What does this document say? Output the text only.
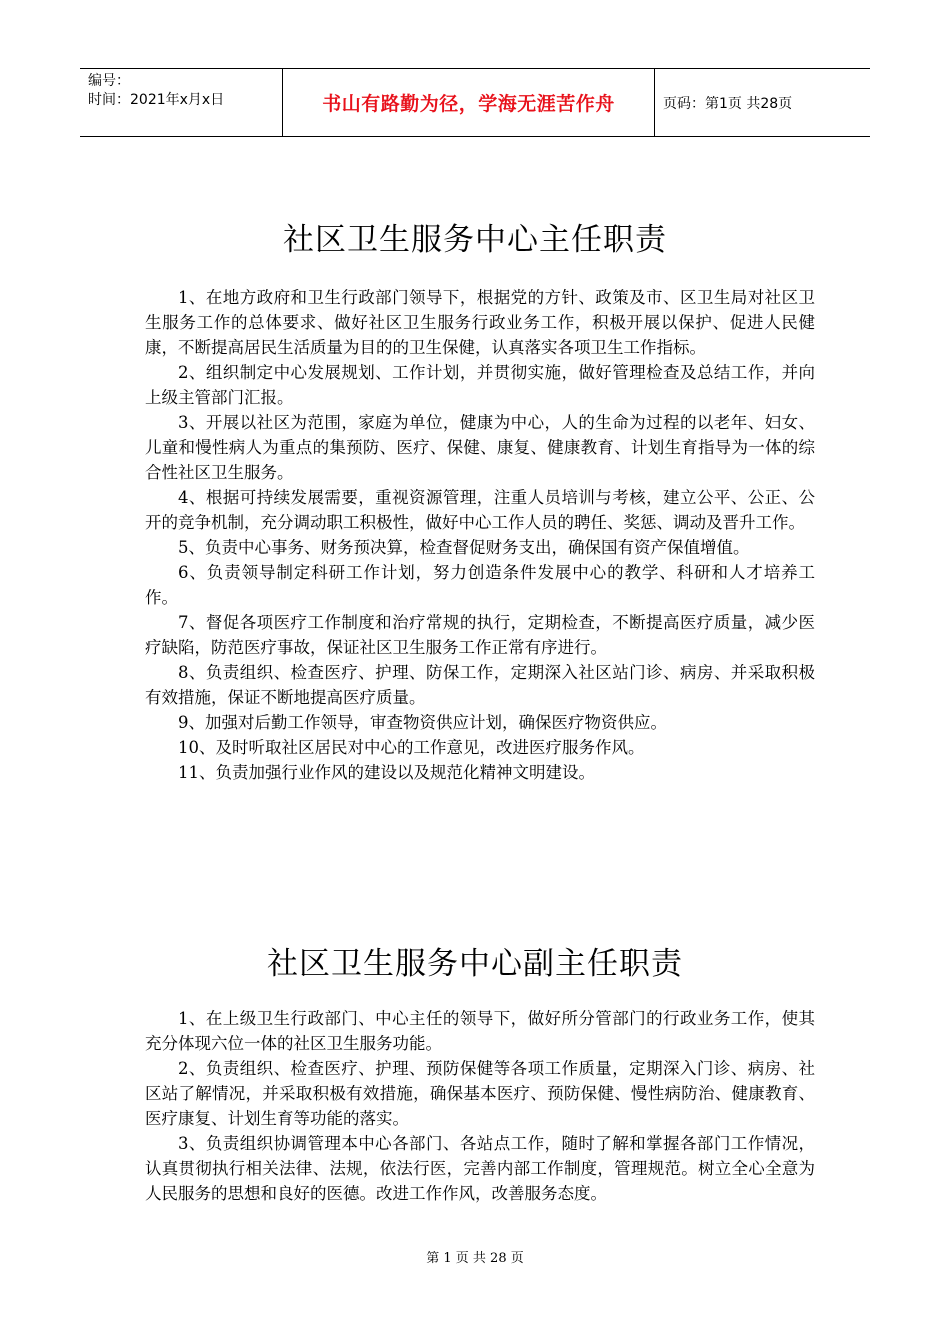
编号：
时间：2021年x月x日	书山有路勤为径，学海无涯苦作舟	页码：第1页 共28页
社区卫生服务中心主任职责

1、在地方政府和卫生行政部门领导下，根据党的方针、政策及市、区卫生局对社区卫生服务工作的总体要求、做好社区卫生服务行政业务工作，积极开展以保护、促进人民健康，不断提高居民生活质量为目的的卫生保健，认真落实各项卫生工作指标。

2、组织制定中心发展规划、工作计划，并贯彻实施，做好管理检查及总结工作，并向上级主管部门汇报。

3、开展以社区为范围，家庭为单位，健康为中心，人的生命为过程的以老年、妇女、儿童和慢性病人为重点的集预防、医疗、保健、康复、健康教育、计划生育指导为一体的综合性社区卫生服务。

4、根据可持续发展需要，重视资源管理，注重人员培训与考核，建立公平、公正、公开的竞争机制，充分调动职工积极性，做好中心工作人员的聘任、奖惩、调动及晋升工作。

5、负责中心事务、财务预决算，检查督促财务支出，确保国有资产保值增值。

6、负责领导制定科研工作计划，努力创造条件发展中心的教学、科研和人才培养工作。

7、督促各项医疗工作制度和治疗常规的执行，定期检查，不断提高医疗质量，减少医疗缺陷，防范医疗事故，保证社区卫生服务工作正常有序进行。

8、负责组织、检查医疗、护理、防保工作，定期深入社区站门诊、病房、并采取积极有效措施，保证不断地提高医疗质量。

9、加强对后勤工作领导，审查物资供应计划，确保医疗物资供应。

10、及时听取社区居民对中心的工作意见，改进医疗服务作风。

11、负责加强行业作风的建设以及规范化精神文明建设。

社区卫生服务中心副主任职责

1、在上级卫生行政部门、中心主任的领导下，做好所分管部门的行政业务工作，使其充分体现六位一体的社区卫生服务功能。

2、负责组织、检查医疗、护理、预防保健等各项工作质量，定期深入门诊、病房、社区站了解情况，并采取积极有效措施，确保基本医疗、预防保健、慢性病防治、健康教育、医疗康复、计划生育等功能的落实。

3、负责组织协调管理本中心各部门、各站点工作，随时了解和掌握各部门工作情况，认真贯彻执行相关法律、法规，依法行医，完善内部工作制度，管理规范。树立全心全意为人民服务的思想和良好的医德。改进工作作风，改善服务态度。

第 1 页 共 28 页
